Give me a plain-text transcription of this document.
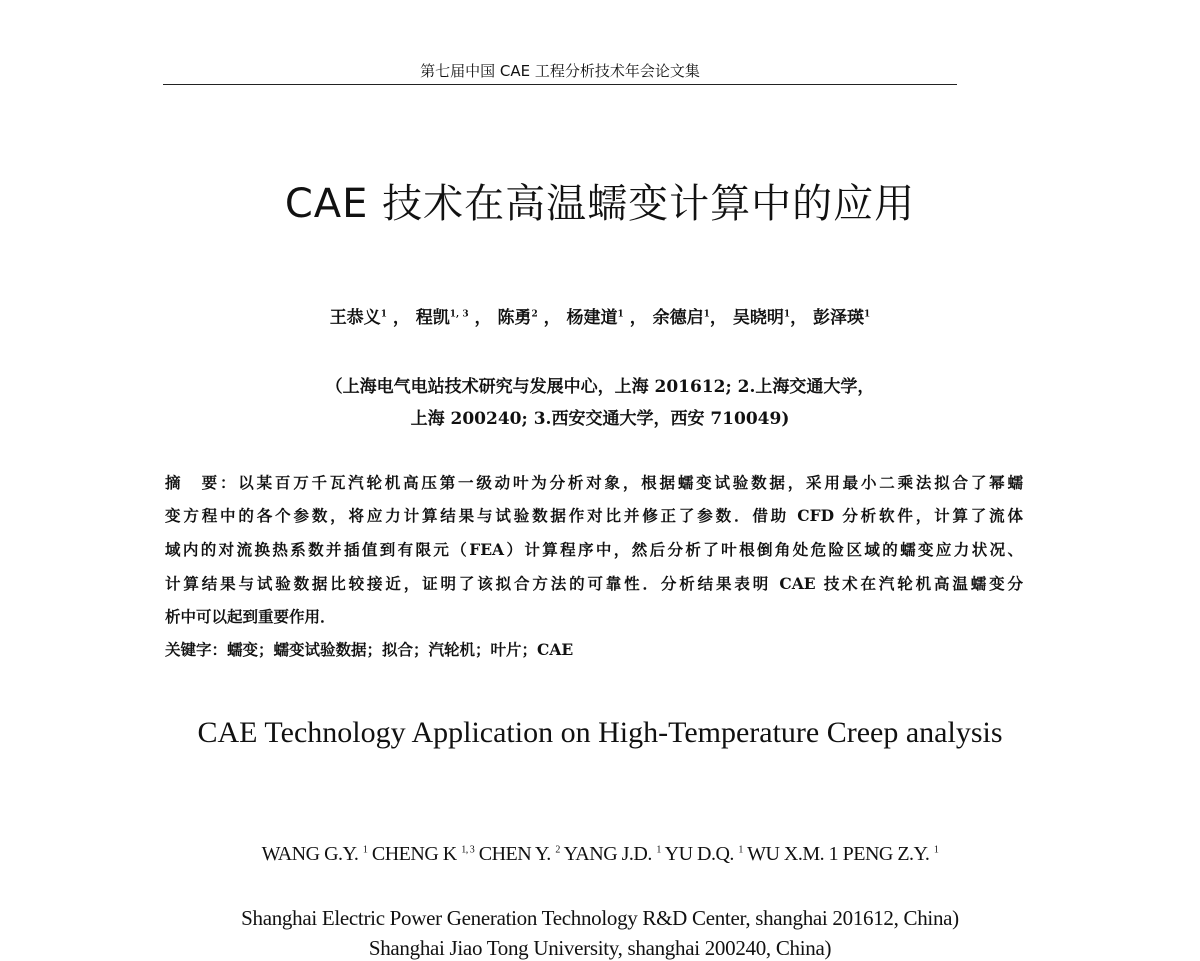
第七届中国 CAE 工程分析技术年会论文集
CAE 技术在高温蠕变计算中的应用
王恭义$^1$ ， 程凯$^{1, 3}$ ， 陈勇$^2$ ， 杨建道$^1$ ， 余德启$^1$， 吴晓明$^1$， 彭泽瑛$^1$
（上海电气电站技术研究与发展中心，上海 201612; 2.上海交通大学，
上海 200240; 3.西安交通大学，西安 710049)
摘　要：以某百万千瓦汽轮机高压第一级动叶为分析对象，根据蠕变试验数据，采用最小二乘法拟合了幂蠕
变方程中的各个参数，将应力计算结果与试验数据作对比并修正了参数．借助 CFD 分析软件，计算了流体
域内的对流换热系数并插值到有限元（FEA）计算程序中，然后分析了叶根倒角处危险区域的蠕变应力状况、
计算结果与试验数据比较接近，证明了该拟合方法的可靠性．分析结果表明 CAE 技术在汽轮机高温蠕变分
析中可以起到重要作用．
关键字：蠕变；蠕变试验数据；拟合；汽轮机；叶片；CAE
CAE Technology Application on High-Temperature Creep analysis
WANG G.Y. $^1$ CHENG K $^{1, 3}$ CHEN Y. $^2$ YANG J.D. $^1$ YU D.Q. $^1$ WU X.M. 1 PENG Z.Y. $^1$
Shanghai Electric Power Generation Technology R&D Center, shanghai 201612, China)
Shanghai Jiao Tong University, shanghai 200240, China)
